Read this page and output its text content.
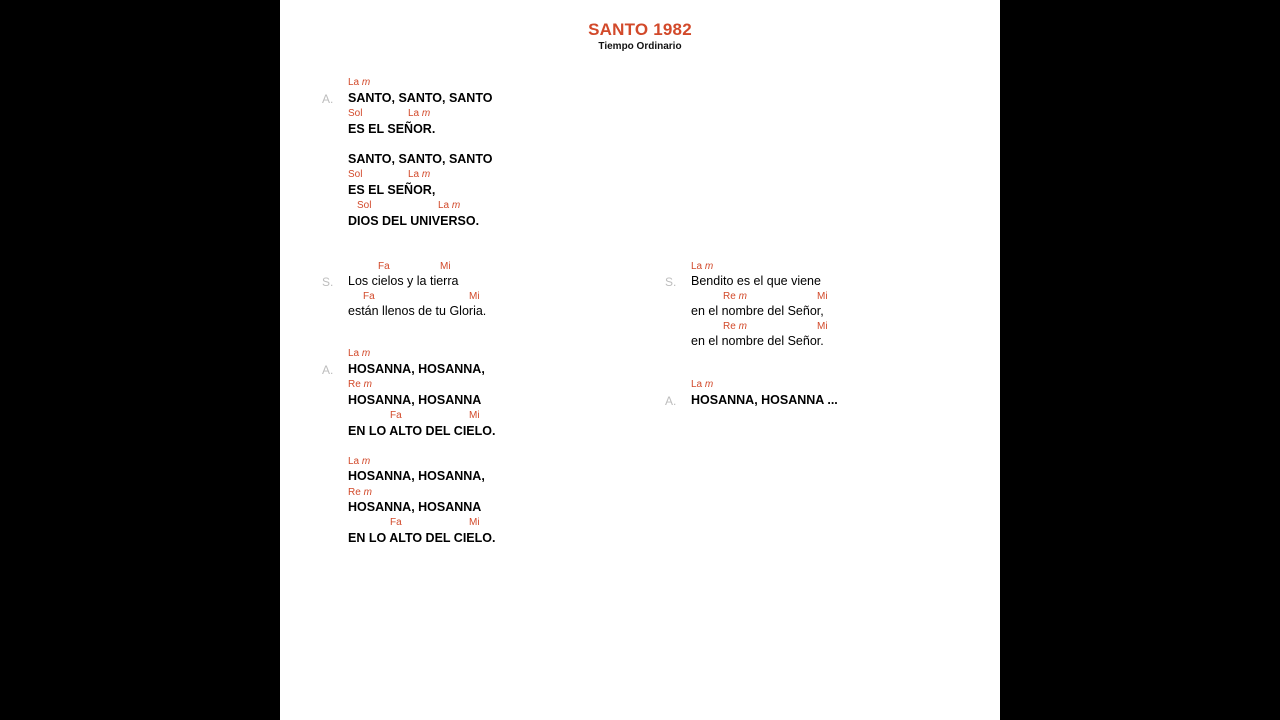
SANTO 1982
Tiempo Ordinario
La m
A. SANTO, SANTO, SANTO
Sol	La m
ES EL SEÑOR.
SANTO, SANTO, SANTO
Sol	La m
ES EL SEÑOR,
Sol	La m
DIOS DEL UNIVERSO.
Fa	Mi
S. Los cielos y la tierra
Fa	Mi
están llenos de tu Gloria.
La m
S. Bendito es el que viene
Re m	Mi
en el nombre del Señor,
Re m	Mi
en el nombre del Señor.
La m
A. HOSANNA, HOSANNA,
Re m
HOSANNA, HOSANNA
Fa	Mi
EN LO ALTO DEL CIELO.
La m
HOSANNA, HOSANNA,
Re m
HOSANNA, HOSANNA
Fa	Mi
EN LO ALTO DEL CIELO.
La m
A. HOSANNA, HOSANNA ...
